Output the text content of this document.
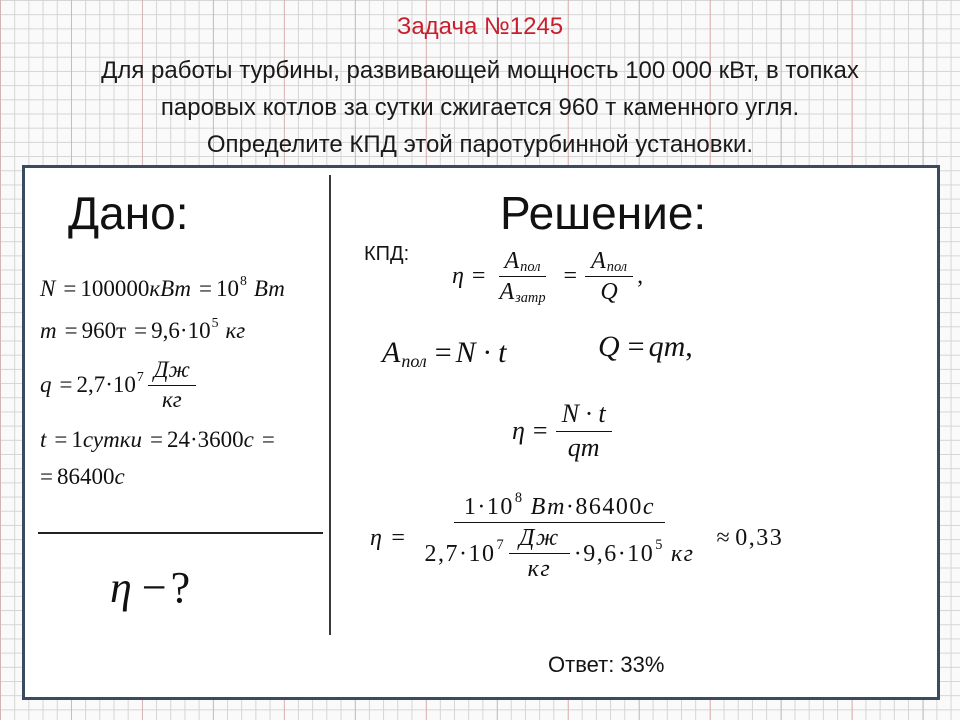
Задача №1245
Для работы турбины, развивающей мощность 100 000 кВт, в топках
паровых котлов за сутки сжигается 960 т каменного угля.
Определите КПД этой паротурбинной установки.
Дано:	Решение:
N = 100000 кВт = 10 8 Вт
m = 960 т = 9,6·10 5 кг
q = 2,7·10 $7 \frac{Дж}{кг}$
t = 1 сутки = 24·3600 с =
= 86400 с
η − ?
КПД:
$\eta = \frac{\text{A пол}}{\text{A затр}} = \frac{\text{A пол}}{Q}$ ,
A пол = N · t	Q = qm ,
$\eta = \frac{N \cdot t}{qm}$
η =
1·10 8 Вт ·86400 с
2,7·10 $7 \frac{Дж}{кг} \cdot 9,6\cdot 10$ 5 кг
≈ 0,33
Ответ: 33%
